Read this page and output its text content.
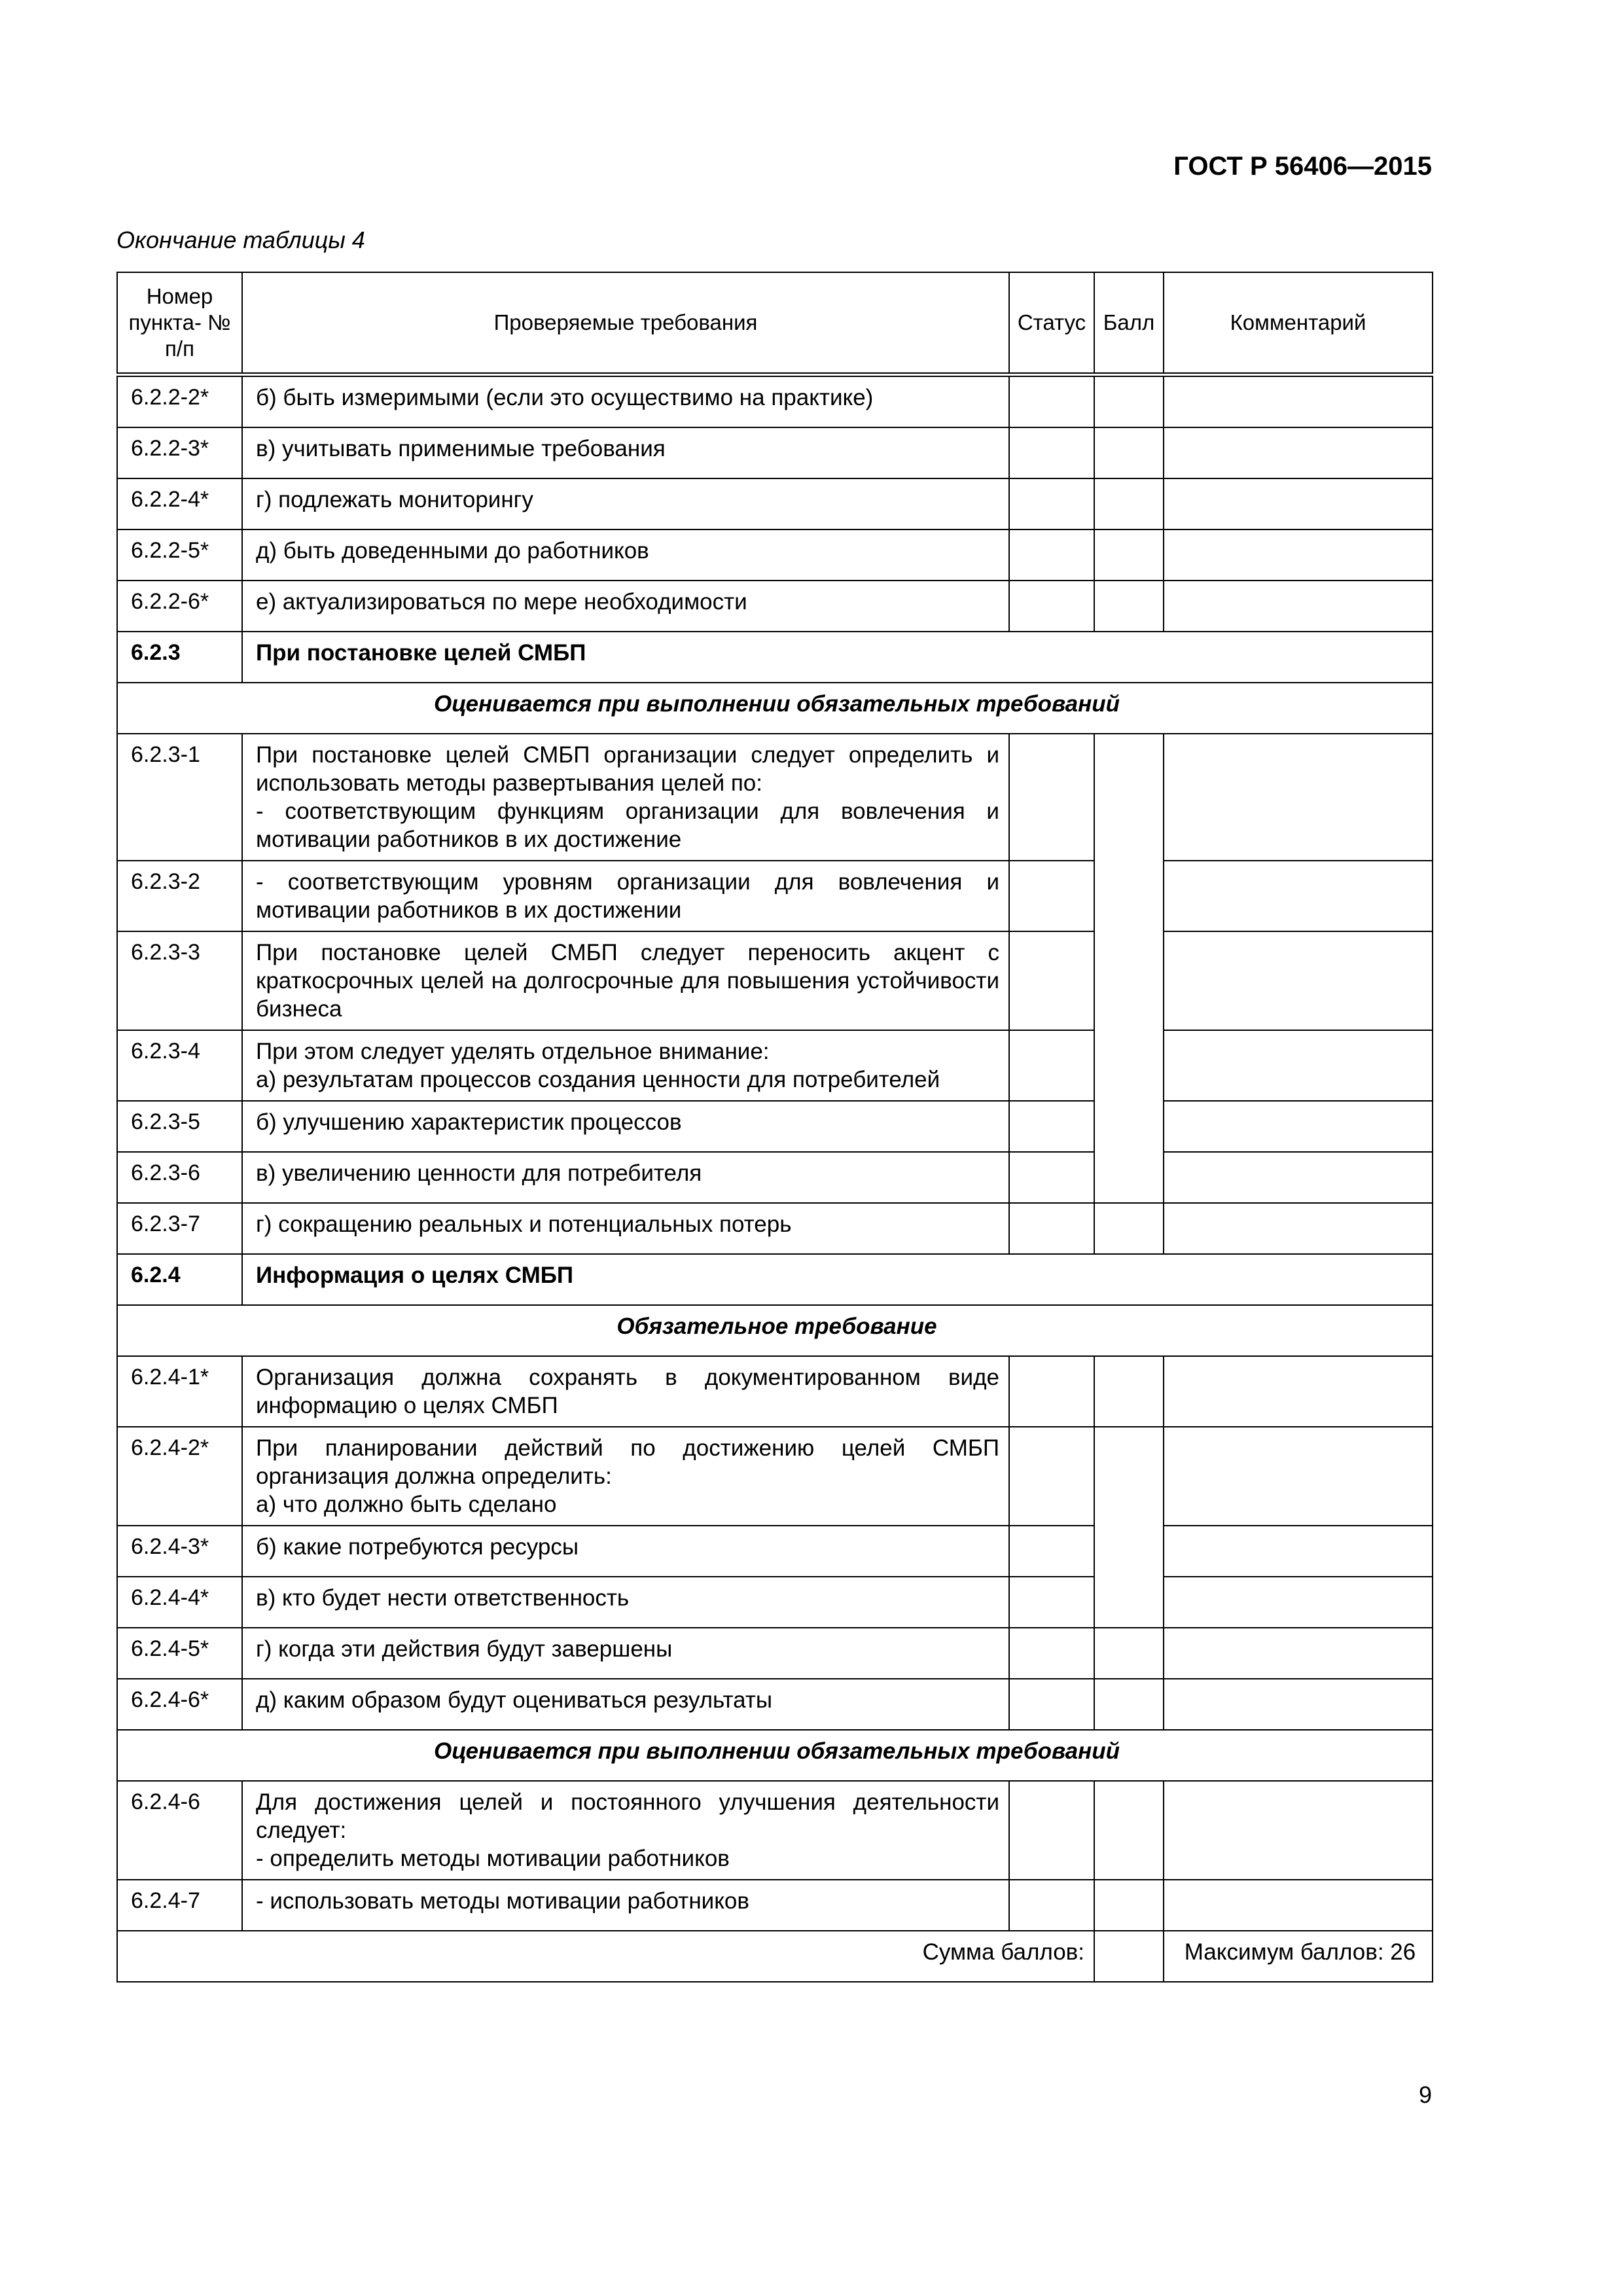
ГОСТ Р 56406—2015
Окончание таблицы 4
Номер пункта- № п/п	Проверяемые требования	Статус	Балл	Комментарий
6.2.2-2*	б) быть измеримыми (если это осуществимо на практике)			
6.2.2-3*	в) учитывать применимые требования			
6.2.2-4*	г) подлежать мониторингу			
6.2.2-5*	д) быть доведенными до работников			
6.2.2-6*	е) актуализироваться по мере необходимости			
6.2.3	При постановке целей СМБП			
Оценивается при выполнении обязательных требований				
6.2.3-1	При постановке целей СМБП организации следует определить и использовать методы развертывания целей по:
- соответствующим функциям организации для вовлечения и мотивации работников в их достижение			
6.2.3-2	- соответствующим уровням организации для вовлечения и мотивации работников в их достижении			
6.2.3-3	При постановке целей СМБП следует переносить акцент с краткосрочных целей на долгосрочные для повышения устойчивости бизнеса			
6.2.3-4	При этом следует уделять отдельное внимание:
а) результатам процессов создания ценности для потребителей			
6.2.3-5	б) улучшению характеристик процессов			
6.2.3-6	в) увеличению ценности для потребителя			
6.2.3-7	г) сокращению реальных и потенциальных потерь			
6.2.4	Информация о целях СМБП			
Обязательное требование				
6.2.4-1*	Организация должна сохранять в документированном виде информацию о целях СМБП			
6.2.4-2*	При планировании действий по достижению целей СМБП организация должна определить:
а) что должно быть сделано			
6.2.4-3*	б) какие потребуются ресурсы			
6.2.4-4*	в) кто будет нести ответственность			
6.2.4-5*	г) когда эти действия будут завершены			
6.2.4-6*	д) каким образом будут оцениваться результаты			
Оценивается при выполнении обязательных требований				
6.2.4-6	Для достижения целей и постоянного улучшения деятельности следует:
- определить методы мотивации работников			
6.2.4-7	- использовать методы мотивации работников			
Сумма баллов:				Максимум баллов: 26
9
